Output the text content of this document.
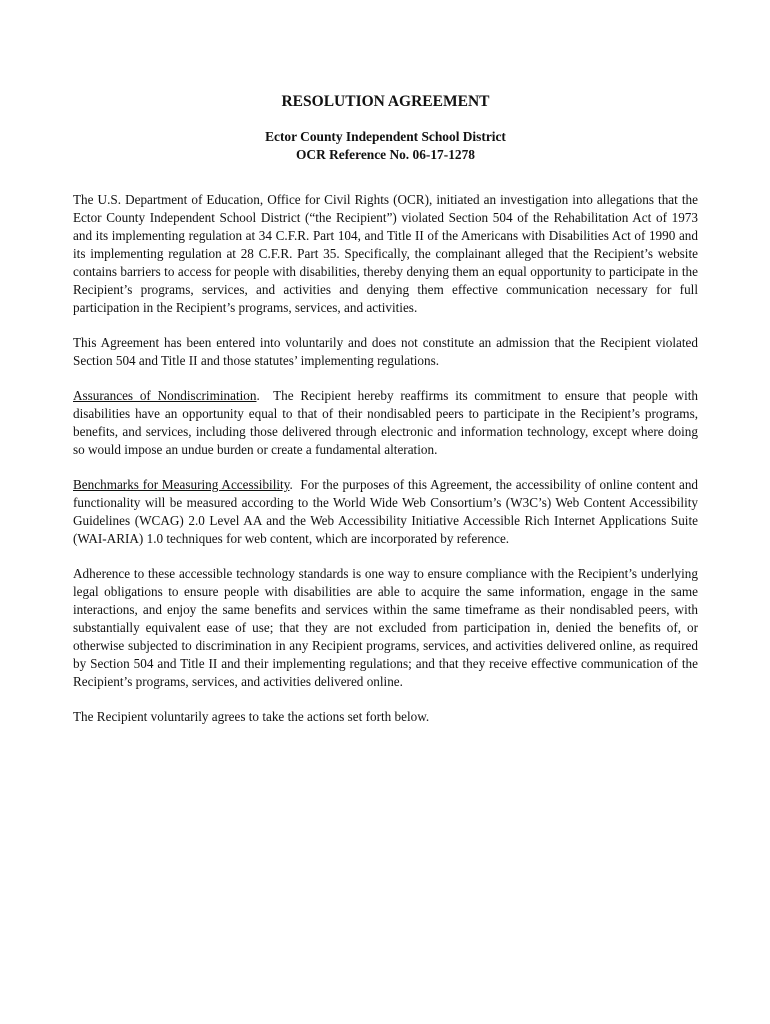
RESOLUTION AGREEMENT
Ector County Independent School District
OCR Reference No. 06-17-1278

The U.S. Department of Education, Office for Civil Rights (OCR), initiated an investigation into allegations that the Ector County Independent School District (“the Recipient”) violated Section 504 of the Rehabilitation Act of 1973 and its implementing regulation at 34 C.F.R. Part 104, and Title II of the Americans with Disabilities Act of 1990 and its implementing regulation at 28 C.F.R. Part 35. Specifically, the complainant alleged that the Recipient’s website contains barriers to access for people with disabilities, thereby denying them an equal opportunity to participate in the Recipient’s programs, services, and activities and denying them effective communication necessary for full participation in the Recipient’s programs, services, and activities.

This Agreement has been entered into voluntarily and does not constitute an admission that the Recipient violated Section 504 and Title II and those statutes’ implementing regulations.

Assurances of Nondiscrimination.  The Recipient hereby reaffirms its commitment to ensure that people with disabilities have an opportunity equal to that of their nondisabled peers to participate in the Recipient’s programs, benefits, and services, including those delivered through electronic and information technology, except where doing so would impose an undue burden or create a fundamental alteration.

Benchmarks for Measuring Accessibility.  For the purposes of this Agreement, the accessibility of online content and functionality will be measured according to the World Wide Web Consortium’s (W3C’s) Web Content Accessibility Guidelines (WCAG) 2.0 Level AA and the Web Accessibility Initiative Accessible Rich Internet Applications Suite (WAI-ARIA) 1.0 techniques for web content, which are incorporated by reference.

Adherence to these accessible technology standards is one way to ensure compliance with the Recipient’s underlying legal obligations to ensure people with disabilities are able to acquire the same information, engage in the same interactions, and enjoy the same benefits and services within the same timeframe as their nondisabled peers, with substantially equivalent ease of use; that they are not excluded from participation in, denied the benefits of, or otherwise subjected to discrimination in any Recipient programs, services, and activities delivered online, as required by Section 504 and Title II and their implementing regulations; and that they receive effective communication of the Recipient’s programs, services, and activities delivered online.

The Recipient voluntarily agrees to take the actions set forth below.
